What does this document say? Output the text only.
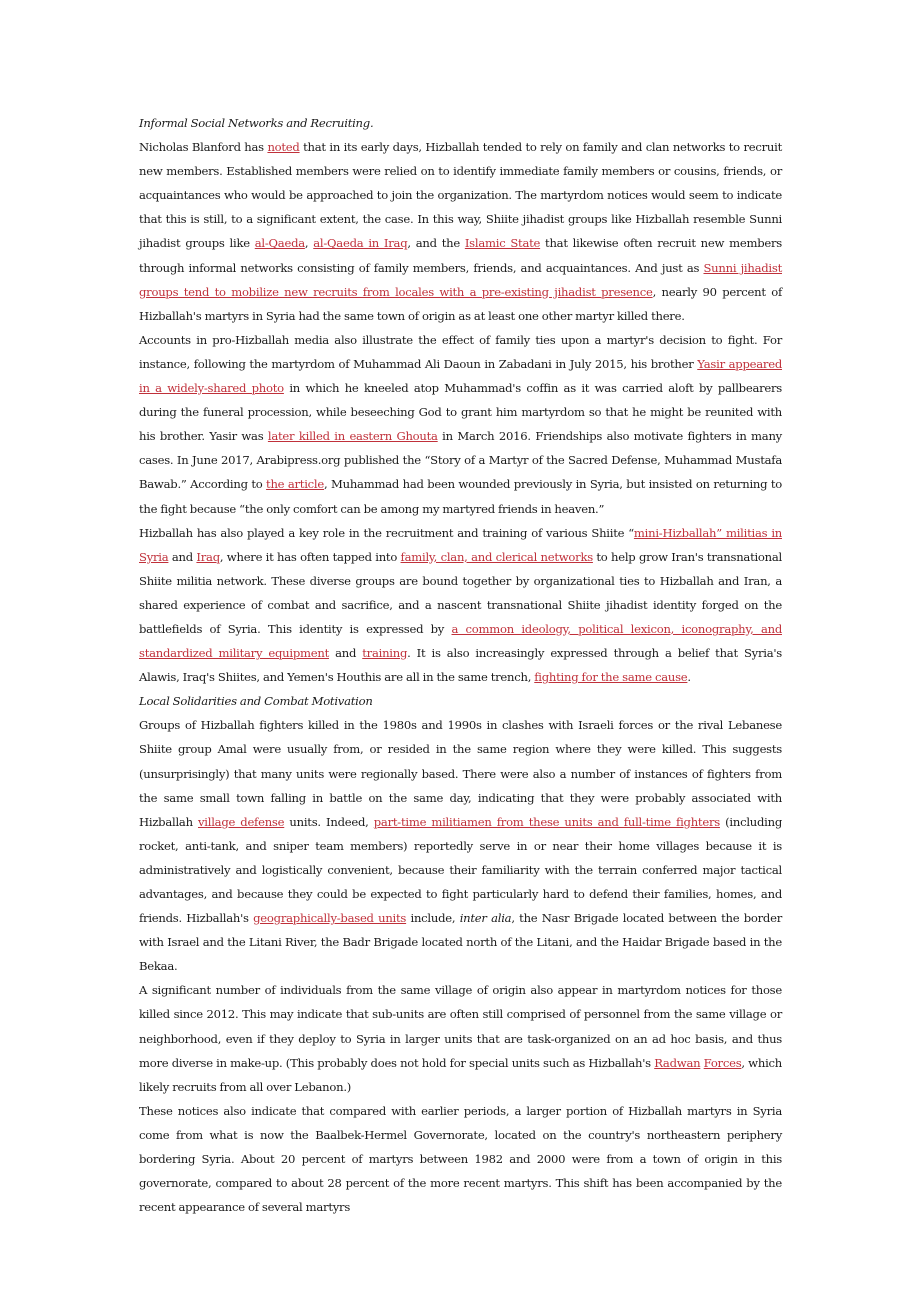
Informal Social Networks and Recruiting.

Nicholas Blanford has noted that in its early days, Hizballah tended to rely on family and clan networks to recruit new members. Established members were relied on to identify immediate family members or cousins, friends, or acquaintances who would be approached to join the organization. The martyrdom notices would seem to indicate that this is still, to a significant extent, the case. In this way, Shiite jihadist groups like Hizballah resemble Sunni jihadist groups like al-Qaeda, al-Qaeda in Iraq, and the Islamic State that likewise often recruit new members through informal networks consisting of family members, friends, and acquaintances. And just as Sunni jihadist groups tend to mobilize new recruits from locales with a pre-existing jihadist presence, nearly 90 percent of Hizballah's martyrs in Syria had the same town of origin as at least one other martyr killed there.

Accounts in pro-Hizballah media also illustrate the effect of family ties upon a martyr's decision to fight. For instance, following the martyrdom of Muhammad Ali Daoun in Zabadani in July 2015, his brother Yasir appeared in a widely-shared photo in which he kneeled atop Muhammad's coffin as it was carried aloft by pallbearers during the funeral procession, while beseeching God to grant him martyrdom so that he might be reunited with his brother. Yasir was later killed in eastern Ghouta in March 2016. Friendships also motivate fighters in many cases. In June 2017, Arabipress.org published the “Story of a Martyr of the Sacred Defense, Muhammad Mustafa Bawab.” According to the article, Muhammad had been wounded previously in Syria, but insisted on returning to the fight because “the only comfort can be among my martyred friends in heaven.”

Hizballah has also played a key role in the recruitment and training of various Shiite “mini-Hizballah” militias in Syria and Iraq, where it has often tapped into family, clan, and clerical networks to help grow Iran's transnational Shiite militia network. These diverse groups are bound together by organizational ties to Hizballah and Iran, a shared experience of combat and sacrifice, and a nascent transnational Shiite jihadist identity forged on the battlefields of Syria. This identity is expressed by a common ideology, political lexicon, iconography, and standardized military equipment and training. It is also increasingly expressed through a belief that Syria's Alawis, Iraq's Shiites, and Yemen's Houthis are all in the same trench, fighting for the same cause.

Local Solidarities and Combat Motivation

Groups of Hizballah fighters killed in the 1980s and 1990s in clashes with Israeli forces or the rival Lebanese Shiite group Amal were usually from, or resided in the same region where they were killed. This suggests (unsurprisingly) that many units were regionally based. There were also a number of instances of fighters from the same small town falling in battle on the same day, indicating that they were probably associated with Hizballah village defense units. Indeed, part-time militiamen from these units and full-time fighters (including rocket, anti-tank, and sniper team members) reportedly serve in or near their home villages because it is administratively and logistically convenient, because their familiarity with the terrain conferred major tactical advantages, and because they could be expected to fight particularly hard to defend their families, homes, and friends. Hizballah's geographically-based units include, inter alia, the Nasr Brigade located between the border with Israel and the Litani River, the Badr Brigade located north of the Litani, and the Haidar Brigade based in the Bekaa.

A significant number of individuals from the same village of origin also appear in martyrdom notices for those killed since 2012. This may indicate that sub-units are often still comprised of personnel from the same village or neighborhood, even if they deploy to Syria in larger units that are task-organized on an ad hoc basis, and thus more diverse in make-up. (This probably does not hold for special units such as Hizballah's Radwan Forces, which likely recruits from all over Lebanon.)

These notices also indicate that compared with earlier periods, a larger portion of Hizballah martyrs in Syria come from what is now the Baalbek-Hermel Governorate, located on the country's northeastern periphery bordering Syria. About 20 percent of martyrs between 1982 and 2000 were from a town of origin in this governorate, compared to about 28 percent of the more recent martyrs. This shift has been accompanied by the recent appearance of several martyrs
